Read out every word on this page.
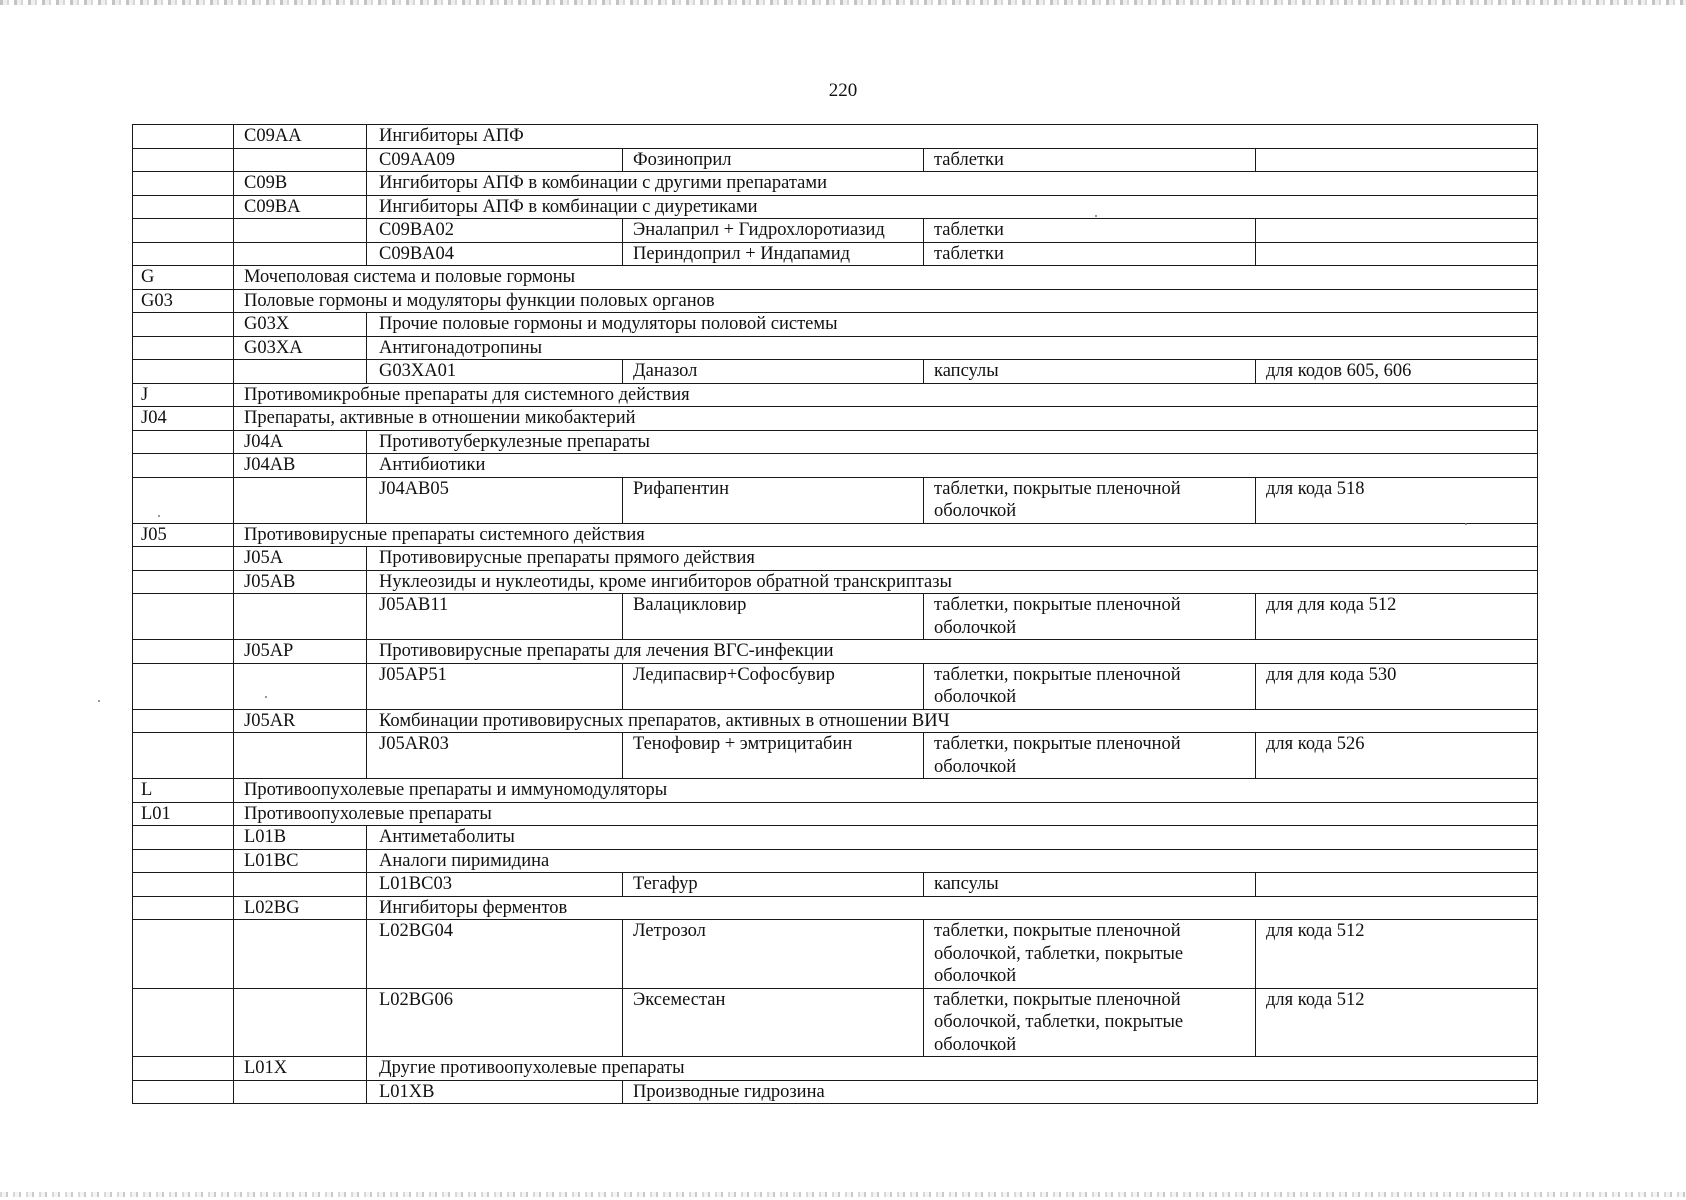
220
	C09AA	Ингибиторы АПФ			
		C09AA09	Фозиноприл	таблетки	
	C09B	Ингибиторы АПФ в комбинации с другими препаратами			
	C09BA	Ингибиторы АПФ в комбинации с диуретиками			
		C09BA02	Эналаприл + Гидрохлоротиазид	таблетки	
		C09BA04	Периндоприл + Индапамид	таблетки	
G	Мочеполовая система и половые гормоны				
G03	Половые гормоны и модуляторы функции половых органов				
	G03X	Прочие половые гормоны и модуляторы половой системы			
	G03XA	Антигонадотропины			
		G03XA01	Даназол	капсулы	для кодов 605, 606
J	Противомикробные препараты для системного действия				
J04	Препараты, активные в отношении микобактерий				
	J04A	Противотуберкулезные препараты			
	J04AB	Антибиотики			
		J04AB05	Рифапентин	таблетки, покрытые пленочной оболочкой	для кода 518
J05	Противовирусные препараты системного действия				
	J05A	Противовирусные препараты прямого действия			
	J05AB	Нуклеозиды и нуклеотиды, кроме ингибиторов обратной транскриптазы			
		J05AB11	Валацикловир	таблетки, покрытые пленочной оболочкой	для для кода 512
	J05AP	Противовирусные препараты для лечения ВГС-инфекции			
		J05AP51	Ледипасвир+Софосбувир	таблетки, покрытые пленочной оболочкой	для для кода 530
	J05AR	Комбинации противовирусных препаратов, активных в отношении ВИЧ			
		J05AR03	Тенофовир + эмтрицитабин	таблетки, покрытые пленочной оболочкой	для кода 526
L	Противоопухолевые препараты и иммуномодуляторы				
L01	Противоопухолевые препараты				
	L01B	Антиметаболиты			
	L01BC	Аналоги пиримидина			
		L01BC03	Тегафур	капсулы	
	L02BG	Ингибиторы ферментов			
		L02BG04	Летрозол	таблетки, покрытые пленочной оболочкой, таблетки, покрытые оболочкой	для кода 512
		L02BG06	Эксеместан	таблетки, покрытые пленочной оболочкой, таблетки, покрытые оболочкой	для кода 512
	L01X	Другие противоопухолевые препараты			
		L01XB	Производные гидрозина		
